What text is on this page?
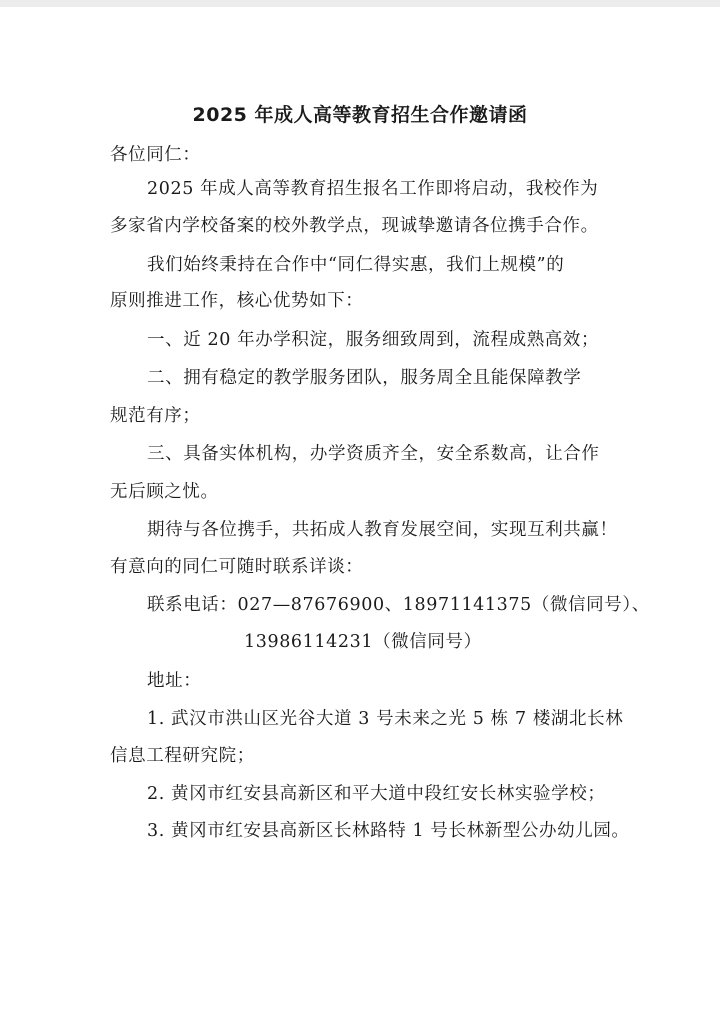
2025 年成人高等教育招生合作邀请函
各位同仁：
2025 年成人高等教育招生报名工作即将启动，我校作为
多家省内学校备案的校外教学点，现诚挚邀请各位携手合作。
我们始终秉持在合作中“同仁得实惠，我们上规模”的
原则推进工作，核心优势如下：
一、近 20 年办学积淀，服务细致周到，流程成熟高效；
二、拥有稳定的教学服务团队，服务周全且能保障教学
规范有序；
三、具备实体机构，办学资质齐全，安全系数高，让合作
无后顾之忧。
期待与各位携手，共拓成人教育发展空间，实现互利共赢！
有意向的同仁可随时联系详谈：
联系电话：027—87676900、18971141375（微信同号）、
13986114231（微信同号）
地址：
1. 武汉市洪山区光谷大道 3 号未来之光 5 栋 7 楼湖北长林
信息工程研究院；
2. 黄冈市红安县高新区和平大道中段红安长林实验学校；
3. 黄冈市红安县高新区长林路特 1 号长林新型公办幼儿园。
